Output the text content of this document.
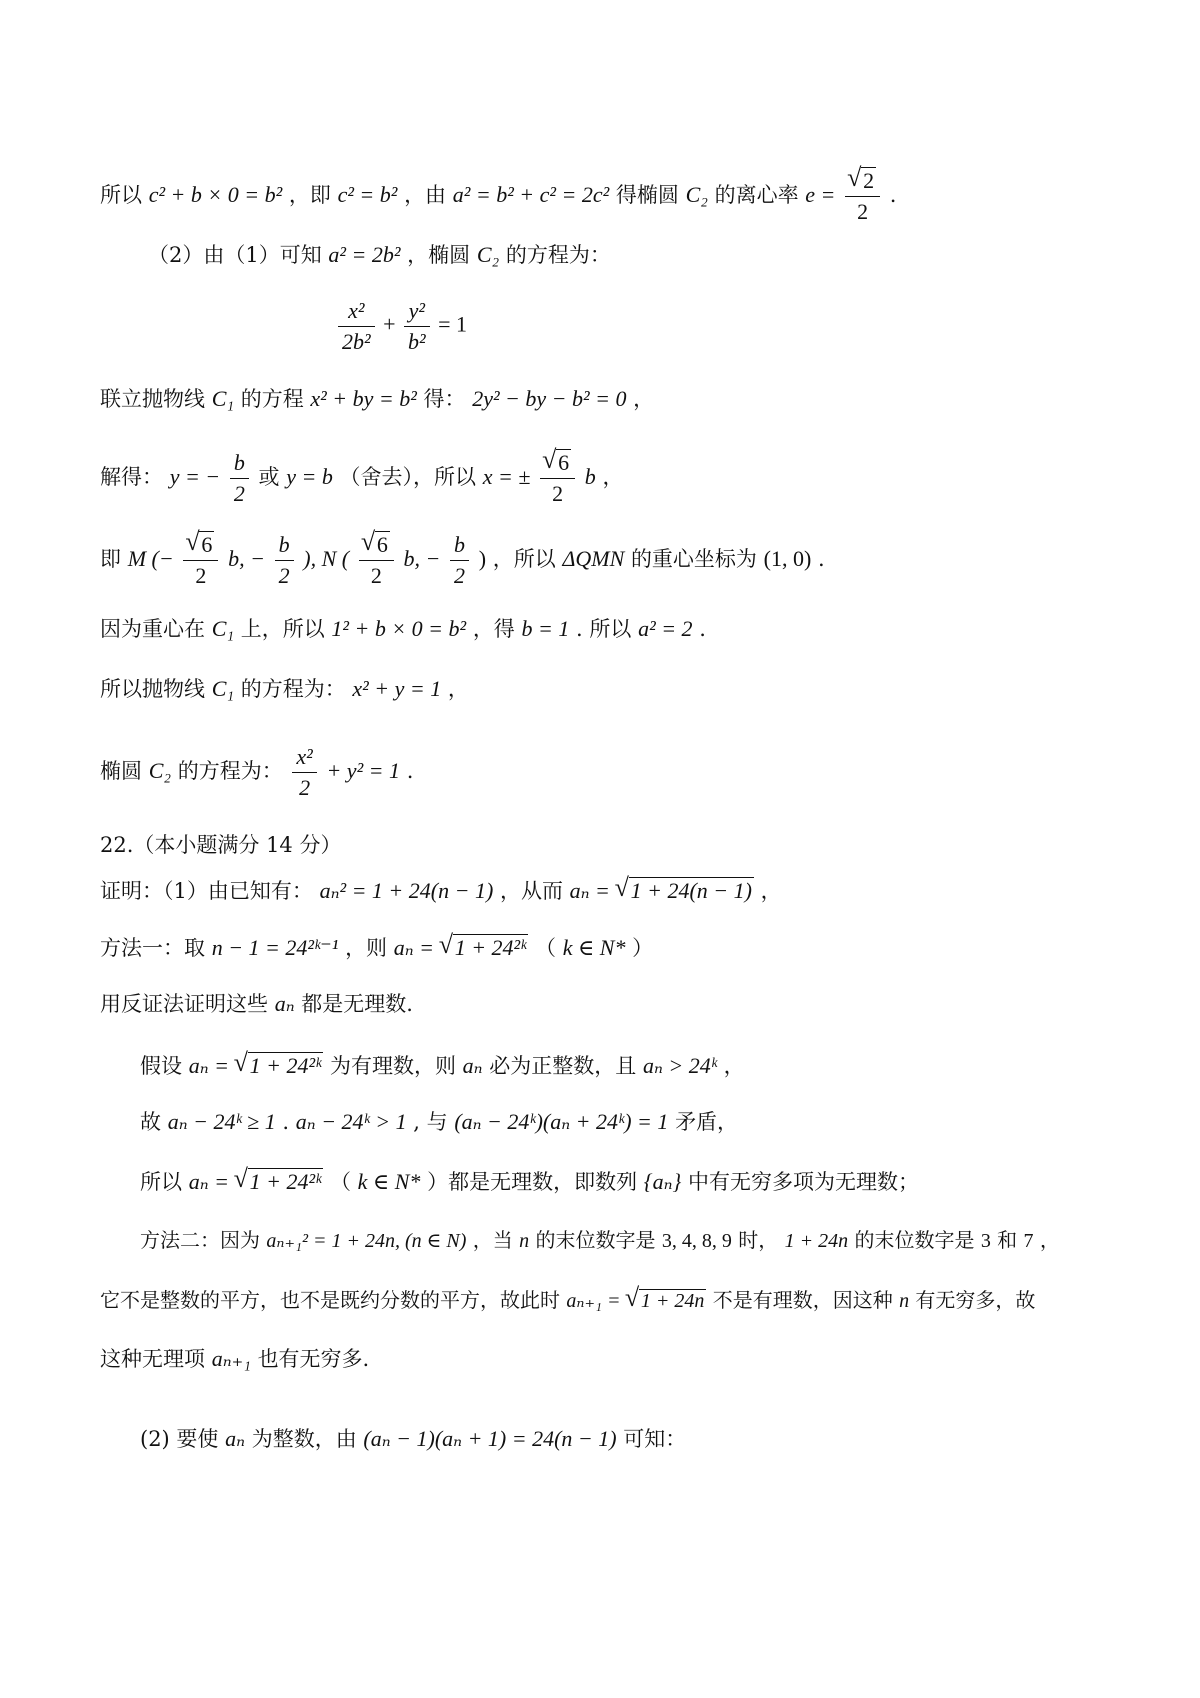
所以 c² + b × 0 = b² ，即 c² = b² ，由 a² = b² + c² = 2c² 得椭圆 C₂ 的离心率 e = √ $\frac{2}{2}$ .
（2）由（1）可知 a² = 2b² ，椭圆 C₂ 的方程为：
$\frac{\text{x²}}{\text{2b²}} + \frac{\text{y²}}{\text{b²}} = 1$
联立抛物线 C₁ 的方程 x² + by = b² 得： 2y² − by − b² = 0 ，
解得： y = − $\frac{b}{2}$ 或 y = b （舍去），所以 x = ± √ $\frac{6}{2}$ b ，
即 M (− √ $\frac{6}{2} b$, − $\frac{b}{2}$ ), N ( √ $\frac{6}{2} b$, − $\frac{b}{2}$ ) ，所以 ΔQMN 的重心坐标为 (1, 0) .
因为重心在 C₁ 上，所以 1² + b × 0 = b² ，得 b = 1 . 所以 a² = 2 .
所以抛物线 C₁ 的方程为： x² + y = 1 ，
椭圆 C₂ 的方程为： $\frac{\text{x²}}{2} + y^2 = 1$ .
22.（本小题满分 14 分）
证明：（1）由已知有： aₙ² = 1 + 24(n − 1) ，从而 aₙ = √ 1 + 24(n − 1) ，
方法一：取 n − 1 = 24²ᵏ⁻¹ ，则 aₙ = √ 1 + 24²ᵏ （ k ∈ N* ）
用反证法证明这些 aₙ 都是无理数.
假设 aₙ = √ 1 + 24²ᵏ 为有理数，则 aₙ 必为正整数，且 aₙ > 24ᵏ ，
故 aₙ − 24ᵏ ≥ 1 . aₙ − 24ᵏ > 1 , 与 (aₙ − 24ᵏ)(aₙ + 24ᵏ) = 1 矛盾，
所以 aₙ = √ 1 + 24²ᵏ （ k ∈ N* ）都是无理数，即数列 {aₙ} 中有无穷多项为无理数；
方法二：因为 aₙ₊₁² = 1 + 24n, (n ∈ N) ，当 n 的末位数字是 3, 4, 8, 9 时， 1 + 24n 的末位数字是 3 和 7 ，
它不是整数的平方，也不是既约分数的平方，故此时 aₙ₊₁ = √ 1 + 24n 不是有理数，因这种 n 有无穷多，故
这种无理项 aₙ₊₁ 也有无穷多.
(2) 要使 aₙ 为整数，由 (aₙ − 1)(aₙ + 1) = 24(n − 1) 可知：
